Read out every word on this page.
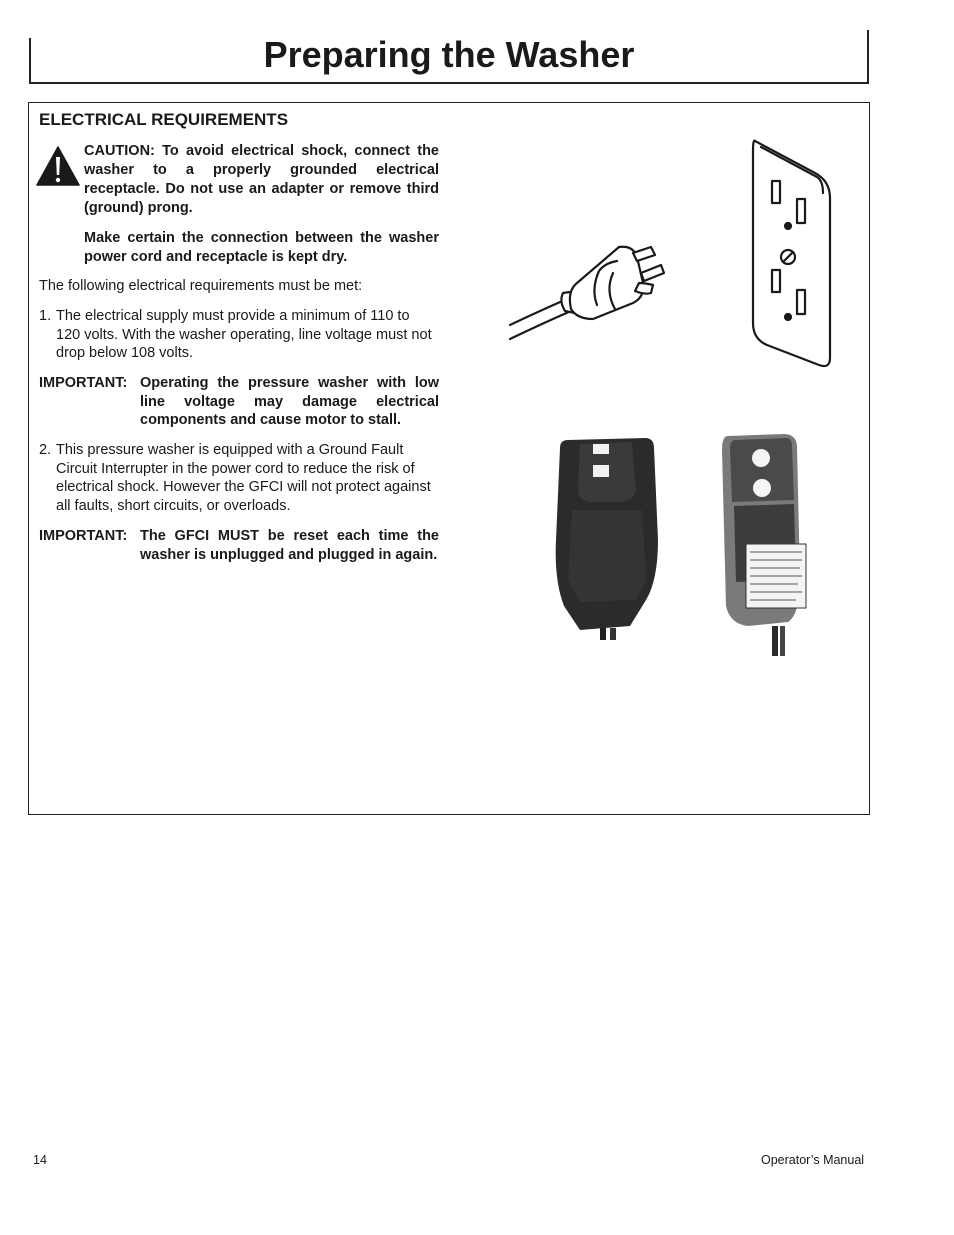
Preparing the Washer
ELECTRICAL REQUIREMENTS

CAUTION: To avoid electrical shock, connect the washer to a properly grounded electrical receptacle. Do not use an adapter or remove third (ground) prong.

Make certain the connection between the washer power cord and receptacle is kept dry.

The following electrical requirements must be met:
1. The electrical supply must provide a minimum of 110 to 120 volts. With the washer operating, line voltage must not drop below 108 volts.
IMPORTANT: Operating the pressure washer with low line voltage may damage electrical components and cause motor to stall.
2. This pressure washer is equipped with a Ground Fault Circuit Interrupter in the power cord to reduce the risk of electrical shock. However the GFCI will not protect against all faults, short circuits, or overloads.
IMPORTANT: The GFCI MUST be reset each time the washer is unplugged and plugged in again.
14	Operator’s Manual
